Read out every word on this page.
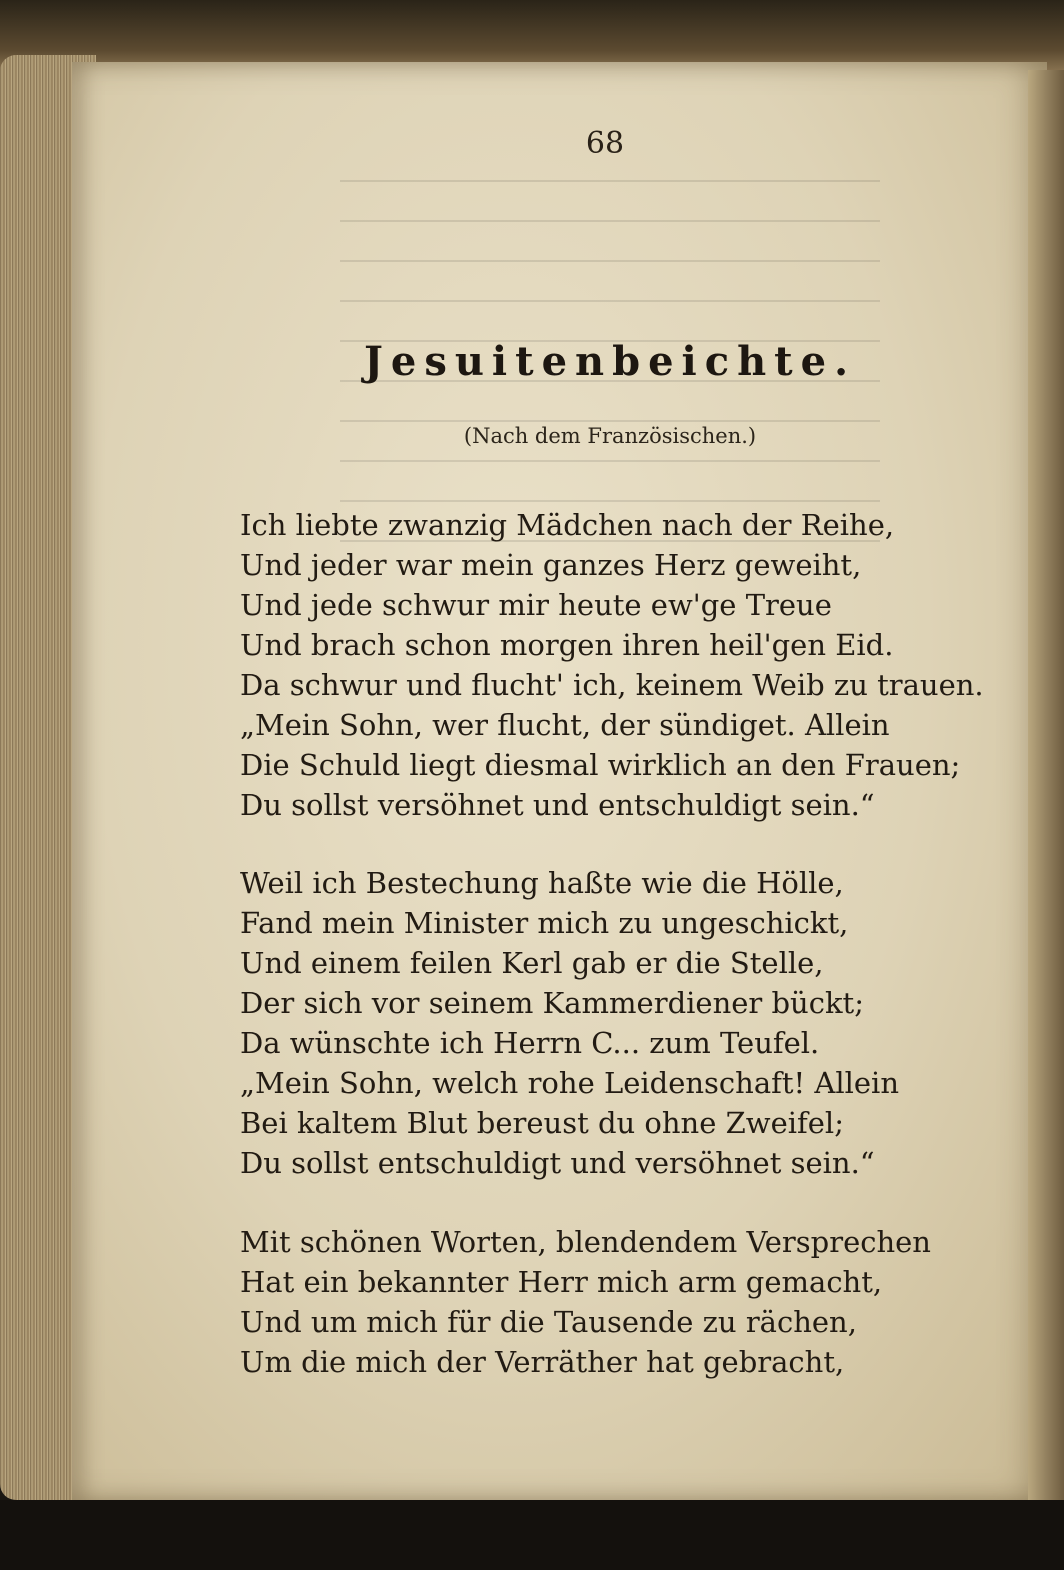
68
Jesuitenbeichte.
(Nach dem Französischen.)
Ich liebte zwanzig Mädchen nach der Reihe,
Und jeder war mein ganzes Herz geweiht,
Und jede schwur mir heute ew'ge Treue
Und brach schon morgen ihren heil'gen Eid.
Da schwur und flucht' ich, keinem Weib zu trauen.
„Mein Sohn, wer flucht, der sündiget. Allein
Die Schuld liegt diesmal wirklich an den Frauen;
Du sollst versöhnet und entschuldigt sein.“
Weil ich Bestechung haßte wie die Hölle,
Fand mein Minister mich zu ungeschickt,
Und einem feilen Kerl gab er die Stelle,
Der sich vor seinem Kammerdiener bückt;
Da wünschte ich Herrn C... zum Teufel.
„Mein Sohn, welch rohe Leidenschaft! Allein
Bei kaltem Blut bereust du ohne Zweifel;
Du sollst entschuldigt und versöhnet sein.“
Mit schönen Worten, blendendem Versprechen
Hat ein bekannter Herr mich arm gemacht,
Und um mich für die Tausende zu rächen,
Um die mich der Verräther hat gebracht,
